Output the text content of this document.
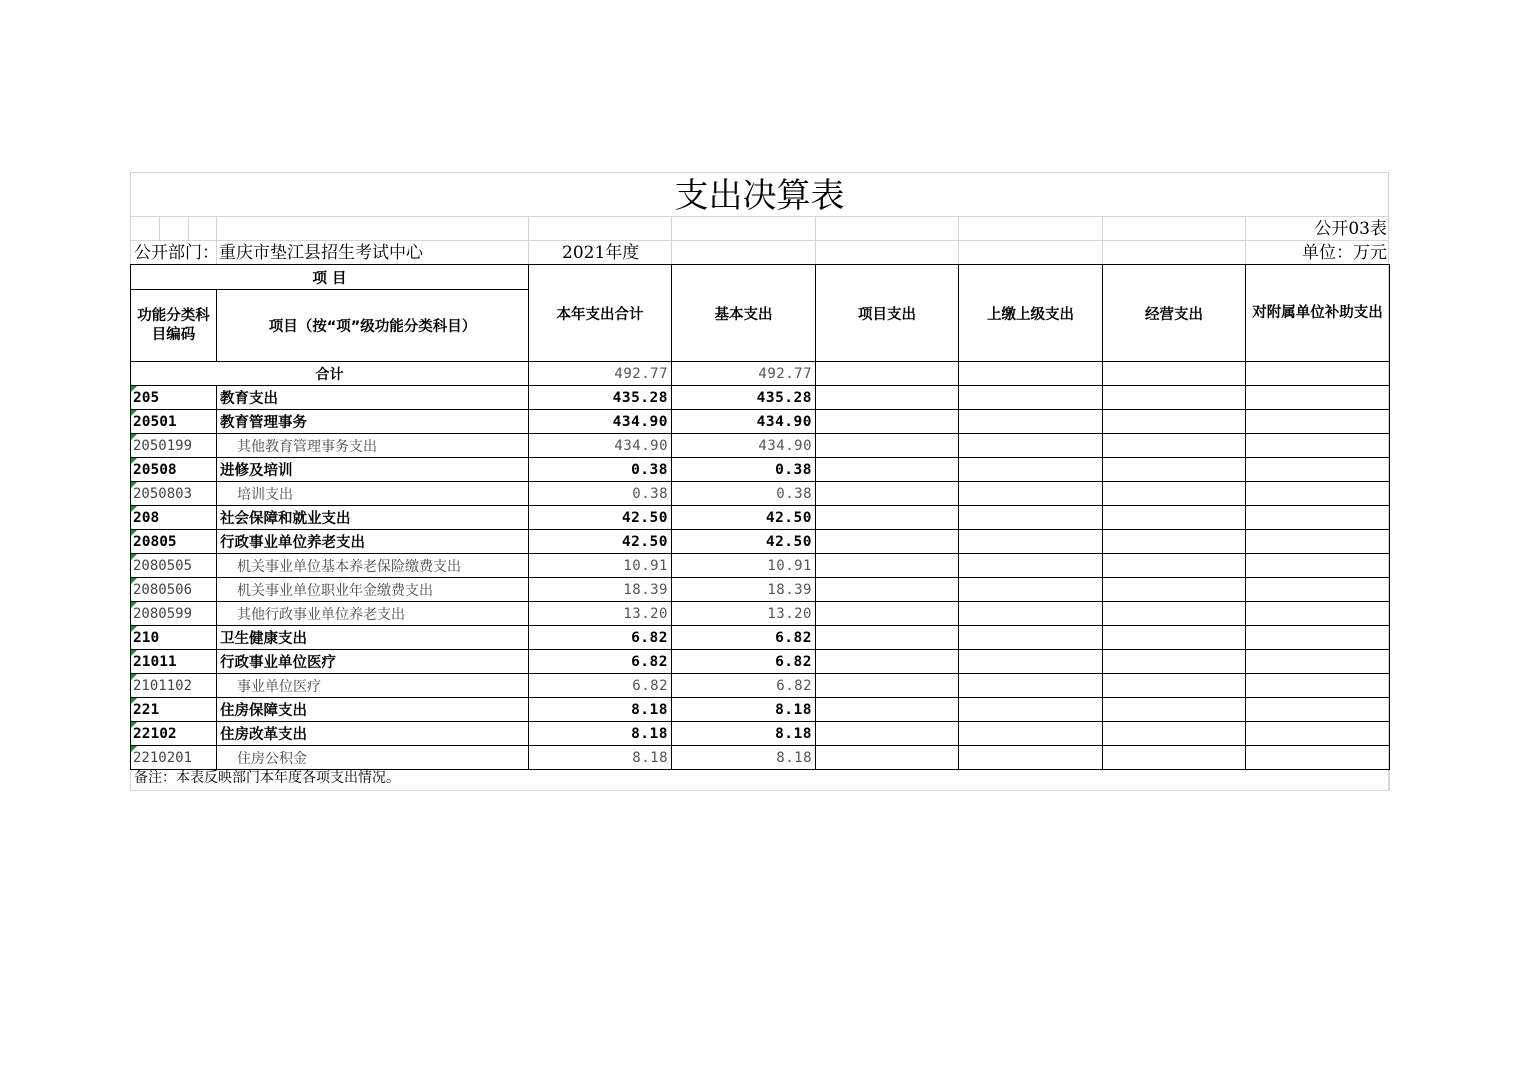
支出决算表
公开03表
公开部门：重庆市垫江县招生考试中心	2021年度	单位：万元
项 目		本年支出合计	基本支出	项目支出	上缴上级支出	经营支出	对附属单位补助支出
功能分类科目编码	项目（按“项”级功能分类科目）						
合计		492.77	492.77				
205	教育支出	435.28	435.28				
20501	教育管理事务	434.90	434.90				
2050199	其他教育管理事务支出	434.90	434.90				
20508	进修及培训	0.38	0.38				
2050803	培训支出	0.38	0.38				
208	社会保障和就业支出	42.50	42.50				
20805	行政事业单位养老支出	42.50	42.50				
2080505	机关事业单位基本养老保险缴费支出	10.91	10.91				
2080506	机关事业单位职业年金缴费支出	18.39	18.39				
2080599	其他行政事业单位养老支出	13.20	13.20				
210	卫生健康支出	6.82	6.82				
21011	行政事业单位医疗	6.82	6.82				
2101102	事业单位医疗	6.82	6.82				
221	住房保障支出	8.18	8.18				
22102	住房改革支出	8.18	8.18				
2210201	住房公积金	8.18	8.18				
备注：本表反映部门本年度各项支出情况。
